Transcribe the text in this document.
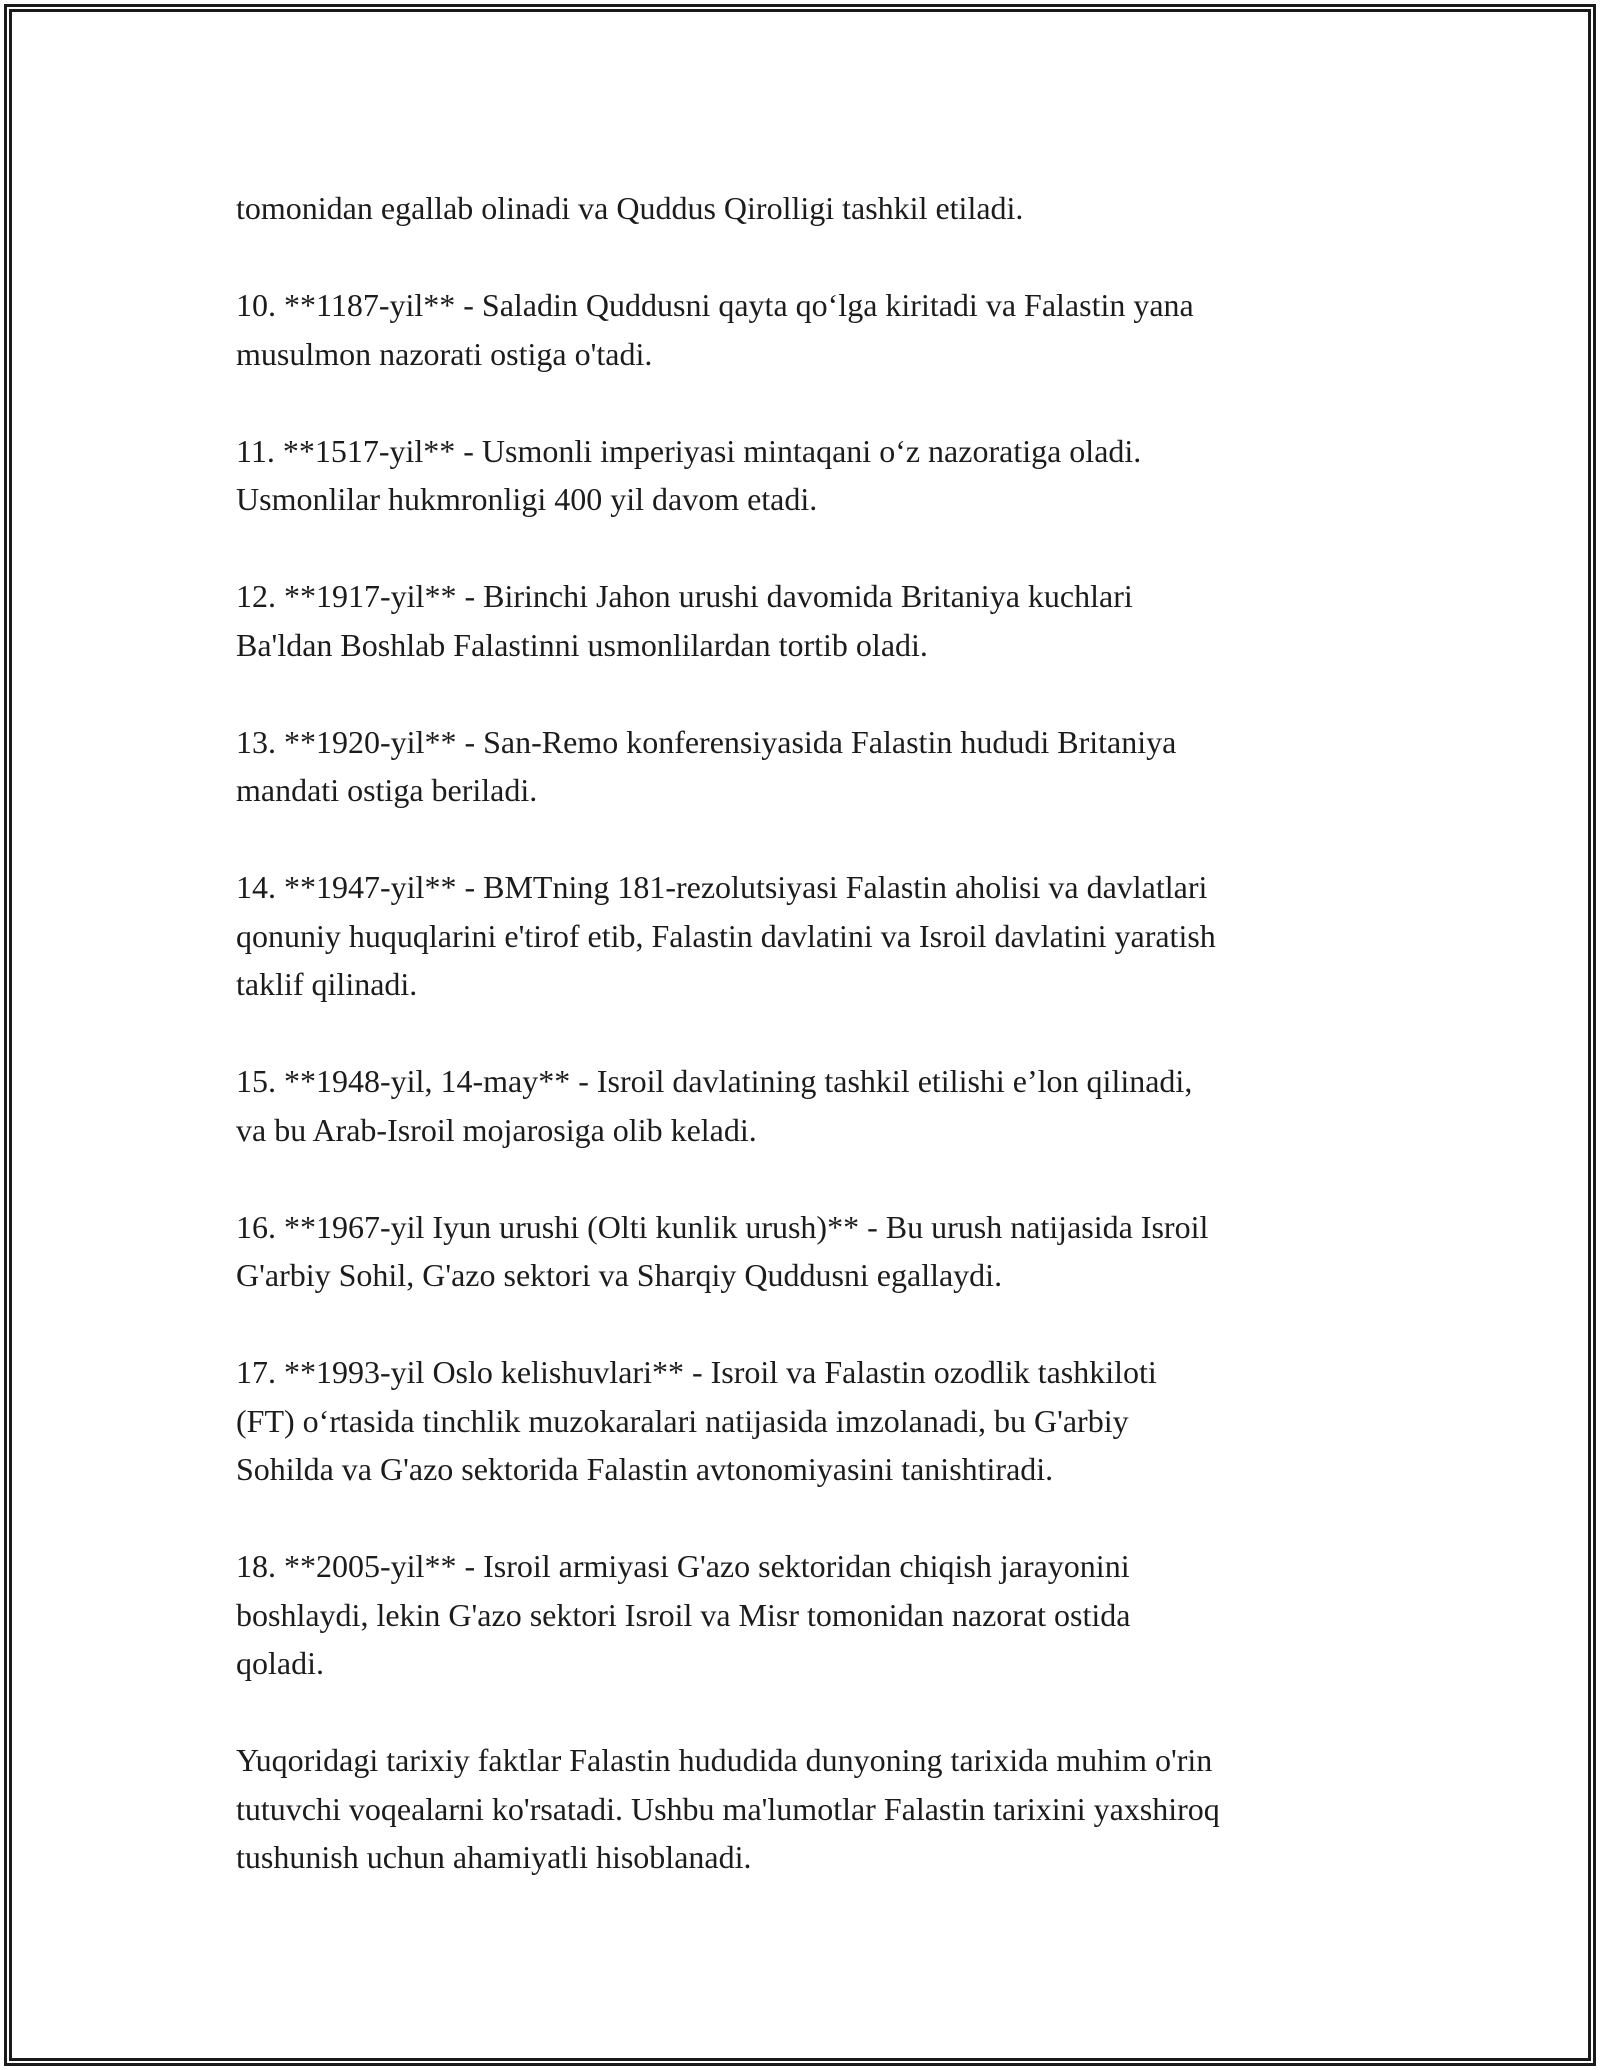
tomonidan egallab olinadi va Quddus Qirolligi tashkil etiladi.

10. **1187-yil** - Saladin Quddusni qayta qo‘lga kiritadi va Falastin yana
musulmon nazorati ostiga o'tadi.

11. **1517-yil** - Usmonli imperiyasi mintaqani o‘z nazoratiga oladi.
Usmonlilar hukmronligi 400 yil davom etadi.

12. **1917-yil** - Birinchi Jahon urushi davomida Britaniya kuchlari
Ba'ldan Boshlab Falastinni usmonlilardan tortib oladi.

13. **1920-yil** - San-Remo konferensiyasida Falastin hududi Britaniya
mandati ostiga beriladi.

14. **1947-yil** - BMTning 181-rezolutsiyasi Falastin aholisi va davlatlari
qonuniy huquqlarini e'tirof etib, Falastin davlatini va Isroil davlatini yaratish
taklif qilinadi.

15. **1948-yil, 14-may** - Isroil davlatining tashkil etilishi e’lon qilinadi,
va bu Arab-Isroil mojarosiga olib keladi.

16. **1967-yil Iyun urushi (Olti kunlik urush)** - Bu urush natijasida Isroil
G'arbiy Sohil, G'azo sektori va Sharqiy Quddusni egallaydi.

17. **1993-yil Oslo kelishuvlari** - Isroil va Falastin ozodlik tashkiloti
(FT) o‘rtasida tinchlik muzokaralari natijasida imzolanadi, bu G'arbiy
Sohilda va G'azo sektorida Falastin avtonomiyasini tanishtiradi.

18. **2005-yil** - Isroil armiyasi G'azo sektoridan chiqish jarayonini
boshlaydi, lekin G'azo sektori Isroil va Misr tomonidan nazorat ostida
qoladi.

Yuqoridagi tarixiy faktlar Falastin hududida dunyoning tarixida muhim o'rin
tutuvchi voqealarni ko'rsatadi. Ushbu ma'lumotlar Falastin tarixini yaxshiroq
tushunish uchun ahamiyatli hisoblanadi.
